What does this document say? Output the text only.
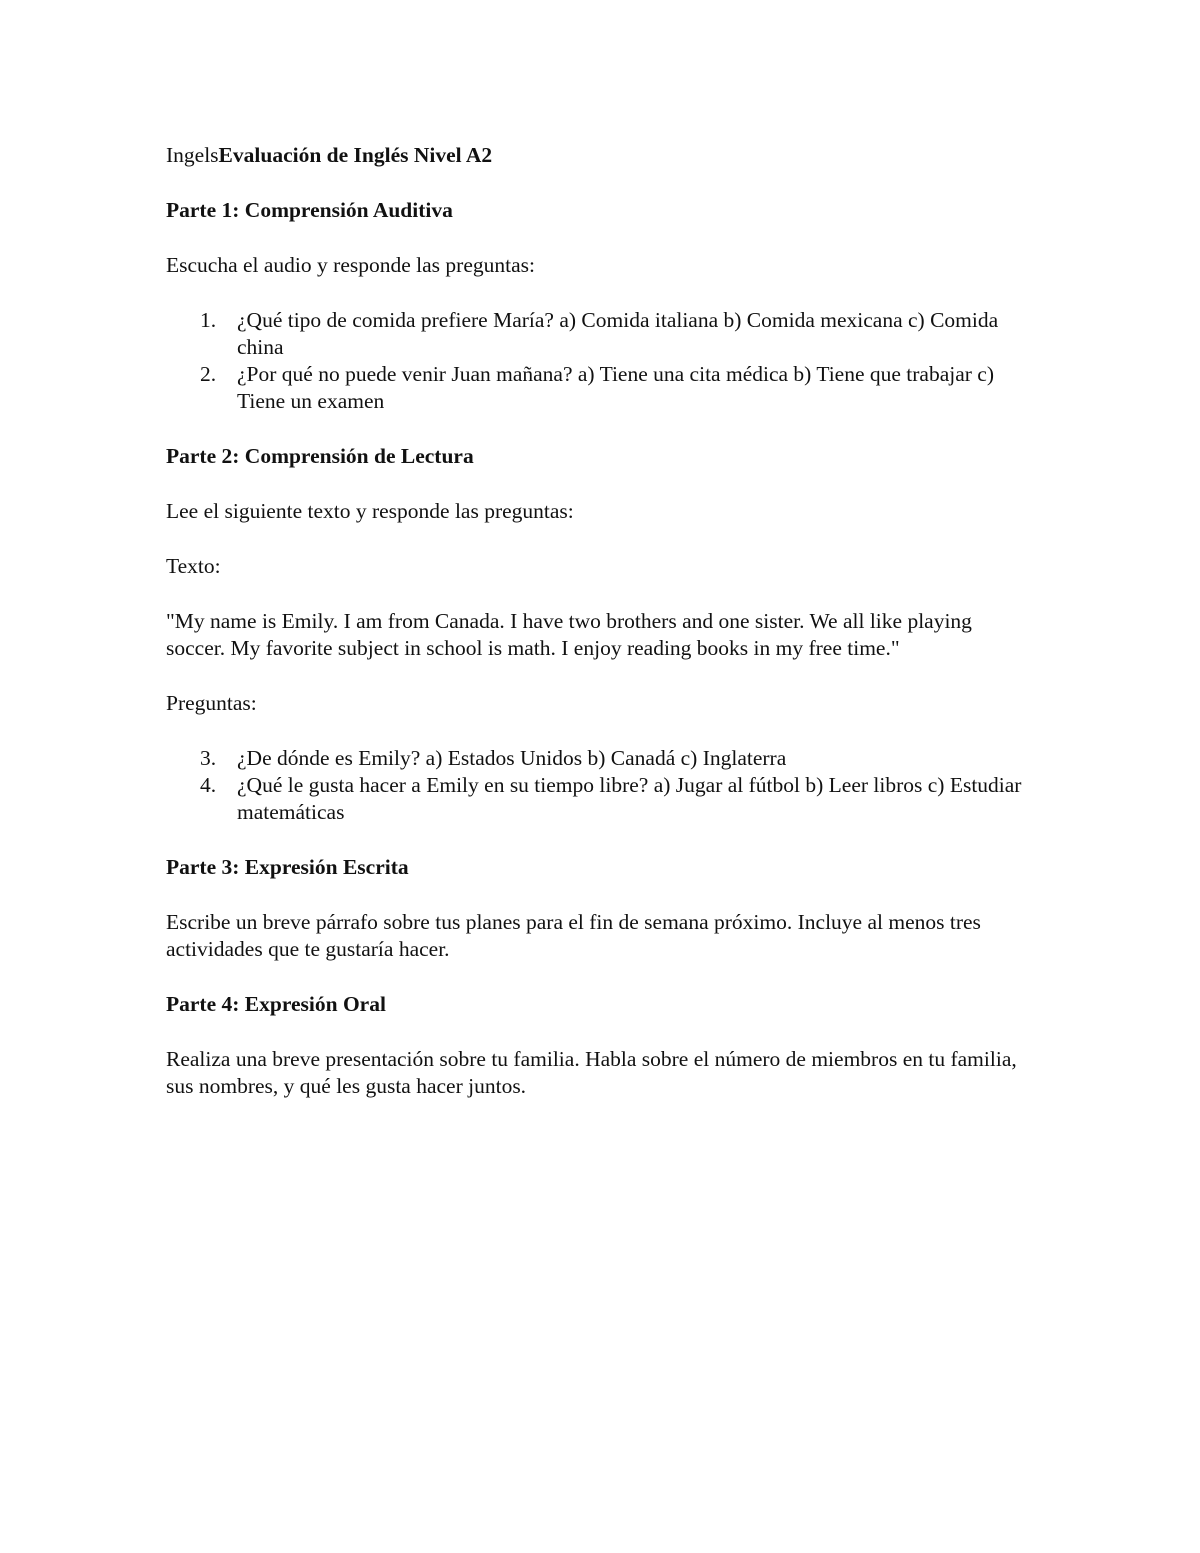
IngelsEvaluación de Inglés Nivel A2

Parte 1: Comprensión Auditiva

Escucha el audio y responde las preguntas:

1. ¿Qué tipo de comida prefiere María? a) Comida italiana b) Comida mexicana c) Comida china
2. ¿Por qué no puede venir Juan mañana? a) Tiene una cita médica b) Tiene que trabajar c) Tiene un examen

Parte 2: Comprensión de Lectura

Lee el siguiente texto y responde las preguntas:

Texto:

"My name is Emily. I am from Canada. I have two brothers and one sister. We all like playing soccer. My favorite subject in school is math. I enjoy reading books in my free time."

Preguntas:

3. ¿De dónde es Emily? a) Estados Unidos b) Canadá c) Inglaterra
4. ¿Qué le gusta hacer a Emily en su tiempo libre? a) Jugar al fútbol b) Leer libros c) Estudiar matemáticas

Parte 3: Expresión Escrita

Escribe un breve párrafo sobre tus planes para el fin de semana próximo. Incluye al menos tres actividades que te gustaría hacer.

Parte 4: Expresión Oral

Realiza una breve presentación sobre tu familia. Habla sobre el número de miembros en tu familia, sus nombres, y qué les gusta hacer juntos.
